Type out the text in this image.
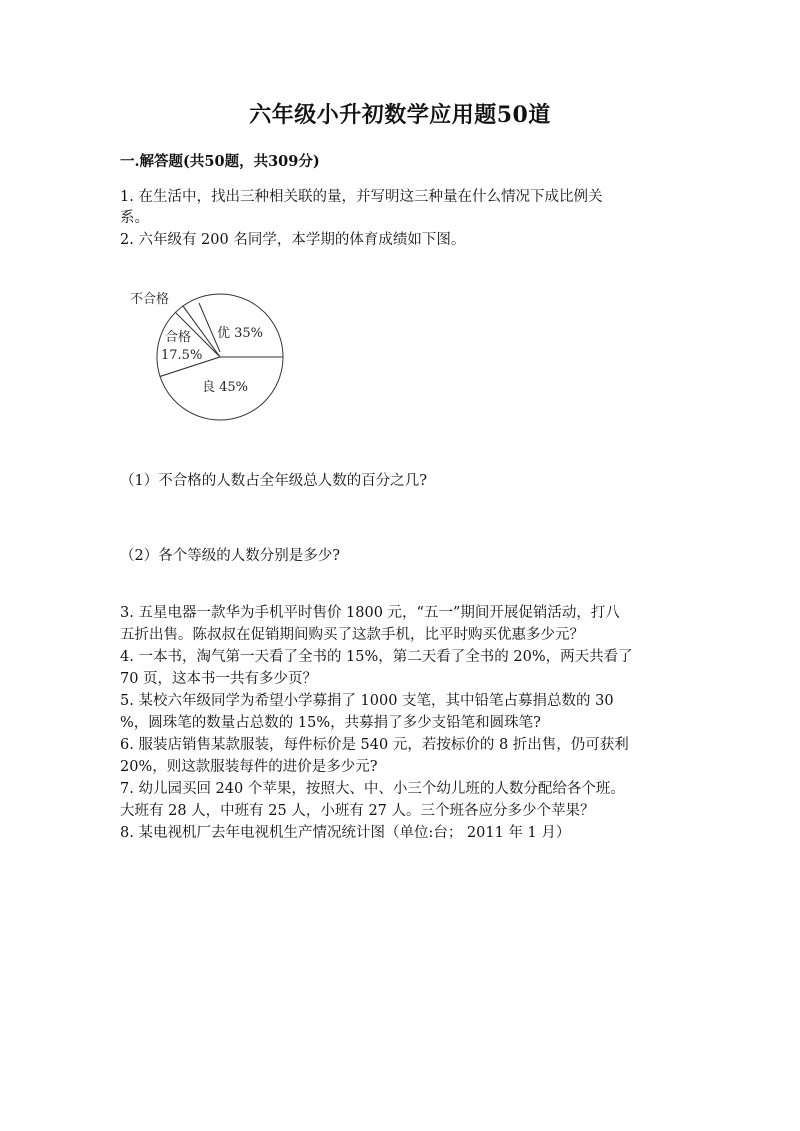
六年级小升初数学应用题50道
一.解答题(共50题，共309分)
1. 在生活中，找出三种相关联的量，并写明这三种量在什么情况下成比例关
系。
2. 六年级有 200 名同学，本学期的体育成绩如下图。
不合格
合格
17.5%
优 35%
良 45%
（1）不合格的人数占全年级总人数的百分之几?
（2）各个等级的人数分别是多少?
3. 五星电器一款华为手机平时售价 1800 元，“五一”期间开展促销活动，打八
五折出售。陈叔叔在促销期间购买了这款手机，比平时购买优惠多少元？
4. 一本书，淘气第一天看了全书的 15%，第二天看了全书的 20%，两天共看了
70 页，这本书一共有多少页？
5. 某校六年级同学为希望小学募捐了 1000 支笔，其中铅笔占募捐总数的 30
%，圆珠笔的数量占总数的 15%，共募捐了多少支铅笔和圆珠笔?
6. 服装店销售某款服装，每件标价是 540 元，若按标价的 8 折出售，仍可获利
20%，则这款服装每件的进价是多少元?
7. 幼儿园买回 240 个苹果，按照大、中、小三个幼儿班的人数分配给各个班。
大班有 28 人，中班有 25 人，小班有 27 人。三个班各应分多少个苹果？
8. 某电视机厂去年电视机生产情况统计图（单位:台； 2011 年 1 月）
